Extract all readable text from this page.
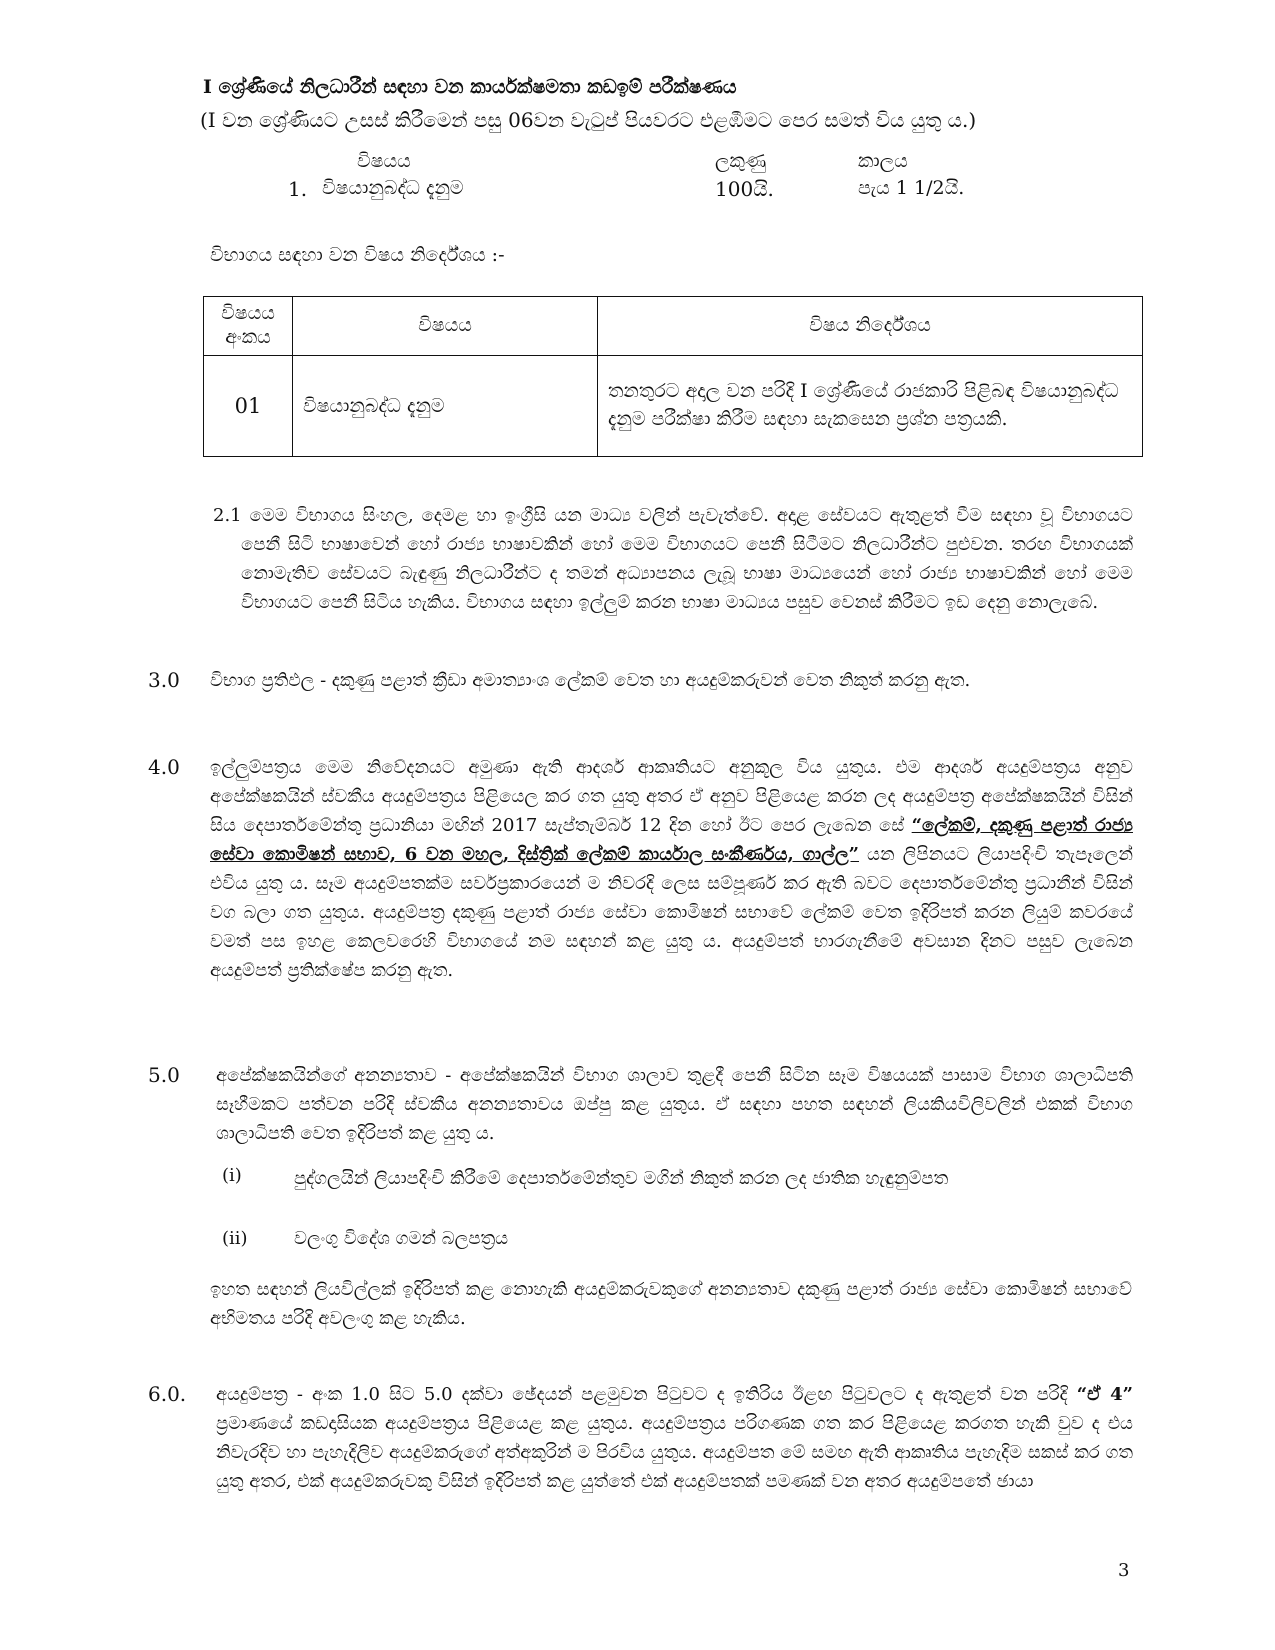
I ශ්‍රේණියේ නිලධාරීන් සඳහා වන කාර්යක්ෂමතා කඩඉම් පරීක්ෂණය
(I වන ශ්‍රේණියට උසස් කිරීමෙන් පසු 06වන වැටුප් පියවරට එළඹීමට පෙර සමත් විය යුතු ය.)
විෂයය	ලකුණු	කාලය
1. විෂයානුබද්ධ දැනුම	100යි.	පැය 1 1/2යි.
විභාගය සඳහා වන විෂය නිර්දේශය :-
විෂයය අංකය	විෂයය	විෂය නිර්දේශය
01	විෂයානුබද්ධ දැනුම	තනතුරට අදාල වන පරිදි I ශ්‍රේණියේ රාජකාරි පිළිබඳ විෂයානුබද්ධ දැනුම පරීක්ෂා කිරීම සඳහා සැකසෙන ප්‍රශ්න පත්‍රයකි.

2.1 මෙම විභාගය සිංහල, දෙමළ හා ඉංග්‍රීසි යන මාධ්‍ය වලින් පැවැත්වේ. අදාළ සේවයට ඇතුළත් වීම සඳහා වූ විභාගයට පෙනී සිටි භාෂාවෙන් හෝ රාජ්‍ය භාෂාවකින් හෝ මෙම විභාගයට පෙනී සිටීමට නිලධාරීන්ට පුළුවන. තරඟ විභාගයක් නොමැතිව සේවයට බැඳුණු නිලධාරීන්ට ද තමන් අධ්‍යාපනය ලැබූ භාෂා මාධ්‍යයෙන් හෝ රාජ්‍ය භාෂාවකින් හෝ මෙම විභාගයට පෙනී සිටිය හැකිය. විභාගය සඳහා ඉල්ලුම් කරන භාෂා මාධ්‍යය පසුව වෙනස් කිරීමට ඉඩ දෙනු නොලැබේ.

3.0 විභාග ප්‍රතිඵල - දකුණු පළාත් ක්‍රීඩා අමාත්‍යාංශ ලේකම් වෙත හා අයදුම්කරුවන් වෙත නිකුත් කරනු ඇත.

4.0 ඉල්ලුම්පත්‍රය මෙම නිවේදනයට අමුණා ඇති ආදර්ශ ආකෘතියට අනුකූල විය යුතුය. එම ආදර්ශ අයදුම්පත්‍රය අනුව අපේක්ෂකයින් ස්වකීය අයදුම්පත්‍රය පිළියෙල කර ගත යුතු අතර ඒ අනුව පිළියෙළ කරන ලද අයදුම්පත්‍ර අපේක්ෂකයින් විසින් සිය දෙපාර්තමේන්තු ප්‍රධානියා මඟින් 2017 සැප්තැම්බර් 12 දින හෝ ඊට පෙර ලැබෙන සේ “ලේකම්, දකුණු පළාත් රාජ්‍ය සේවා කොමිෂන් සභාව, 6 වන මහල, දිස්ත්‍රික් ලේකම් කාර්යාල සංකීර්ණය, ගාල්ල” යන ලිපිනයට ලියාපදිංචි තැපෑලෙන් එවිය යුතු ය. සෑම අයදුම්පතක්ම සර්වප්‍රකාරයෙන් ම නිවරදි ලෙස සම්පූර්ණ කර ඇති බවට දෙපාර්තමේන්තු ප්‍රධානීන් විසින් වග බලා ගත යුතුය. අයදුම්පත්‍ර දකුණු පළාත් රාජ්‍ය සේවා කොමිෂන් සභාවේ ලේකම් වෙත ඉදිරිපත් කරන ලියුම් කවරයේ වමත් පස ඉහළ කෙලවරෙහි විභාගයේ නම සඳහන් කළ යුතු ය. අයදුම්පත් භාරගැනීමේ අවසාන දිනට පසුව ලැබෙන අයදුම්පත් ප්‍රතික්ෂේප කරනු ඇත.

5.0 අපේක්ෂකයින්ගේ අනන්‍යතාව - අපේක්ෂකයින් විභාග ශාලාව තුළදී පෙනී සිටින සෑම විෂයයක් පාසාම විභාග ශාලාධිපති සෑහීමකට පත්වන පරිදි ස්වකීය අනන්‍යතාවය ඔප්පු කළ යුතුය. ඒ සඳහා පහත සඳහන් ලියකියවිලිවලින් එකක් විභාග ශාලාධිපති වෙත ඉදිරිපත් කළ යුතු ය.

(i)	පුද්ගලයින් ලියාපදිංචි කිරීමේ දෙපාර්තමේන්තුව මගින් නිකුත් කරන ලද ජාතික හැඳුනුම්පත
(ii)	වලංගු විදේශ ගමන් බලපත්‍රය
ඉහත සඳහන් ලියවිල්ලක් ඉදිරිපත් කළ නොහැකි අයදුම්කරුවකුගේ අනන්‍යතාව දකුණු පළාත් රාජ්‍ය සේවා කොමිෂන් සභාවේ අභිමතය පරිදි අවලංගු කළ හැකිය.
6.0. අයදුම්පත්‍ර - අංක 1.0 සිට 5.0 දක්වා ඡේදයන් පළමුවන පිටුවට ද ඉතිරිය ඊළඟ පිටුවලට ද ඇතුළත් වන පරිදි “ඒ 4” ප්‍රමාණයේ කඩදාසියක අයදුම්පත්‍රය පිළියෙළ කළ යුතුය. අයදුම්පත්‍රය පරිගණක ගත කර පිළියෙළ කරගත හැකි වුව ද එය නිවැරදිව හා පැහැදිලිව අයදුම්කරුගේ අත්අකුරින් ම පිරවිය යුතුය. අයදුම්පත මේ සමඟ ඇති ආකෘතිය පැහැදිම සකස් කර ගත යුතු අතර, එක් අයදුම්කරුවකු විසින් ඉදිරිපත් කළ යුත්තේ එක් අයදුම්පතක් පමණක් වන අතර අයදුම්පතේ ඡායා

3
